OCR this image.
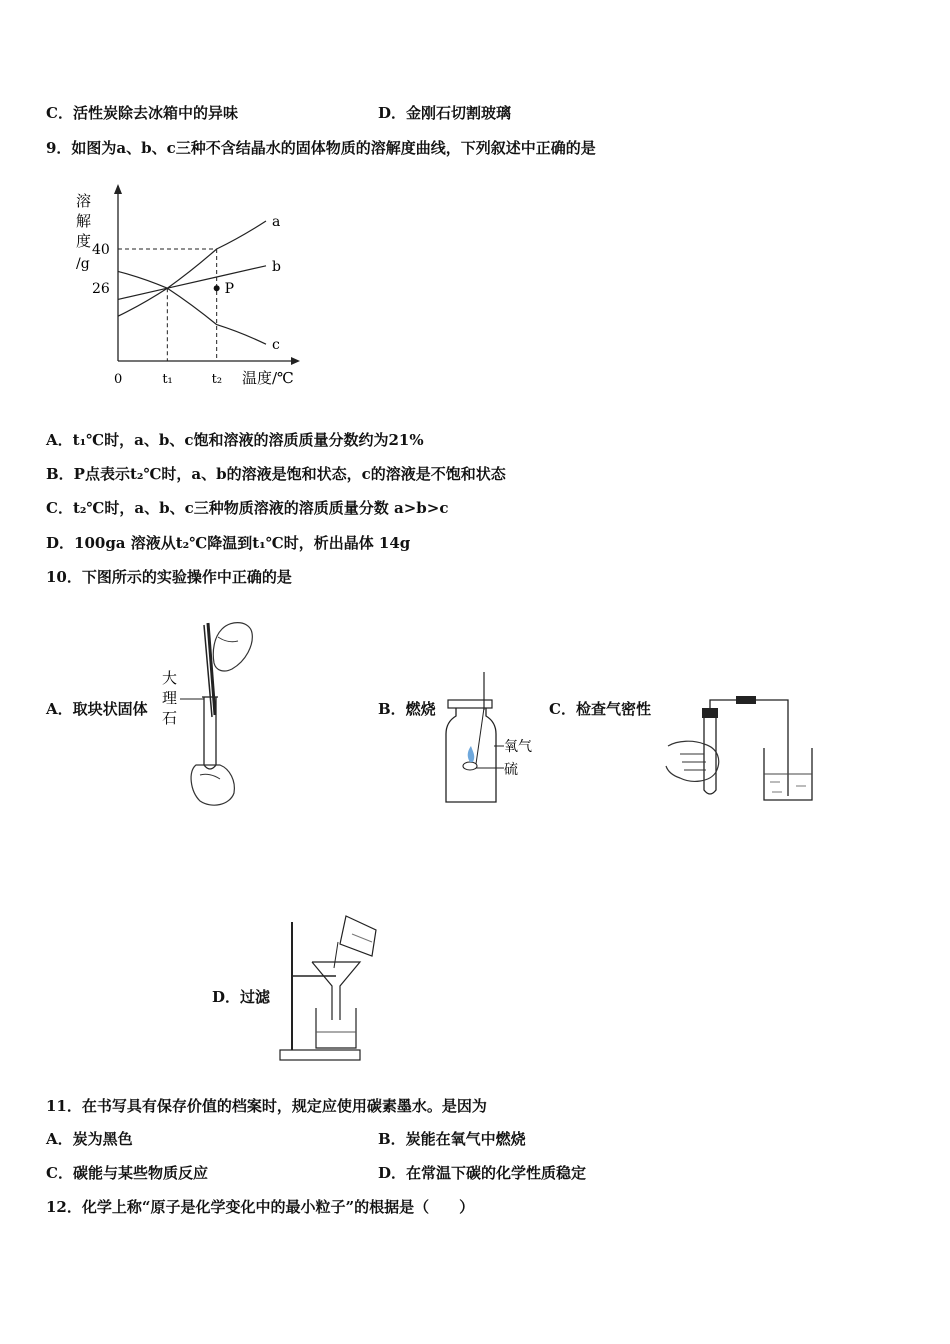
C．活性炭除去冰箱中的异味	D．金刚石切割玻璃
9．如图为a、b、c三种不含结晶水的固体物质的溶解度曲线，下列叙述中正确的是
溶
解
度
/g
40
26
0	t₁	t₂ 温度/℃
a
b
c
P
A．t₁℃时，a、b、c饱和溶液的溶质质量分数约为21%
B．P点表示t₂℃时，a、b的溶液是饱和状态，c的溶液是不饱和状态
C．t₂℃时，a、b、c三种物质溶液的溶质质量分数 a>b>c
D．100ga 溶液从t₂℃降温到t₁℃时，析出晶体 14g
10．下图所示的实验操作中正确的是
A．取块状固体
大
理
石	B．燃烧
氧气
硫
C．检查气密性
D．过滤
11．在书写具有保存价值的档案时，规定应使用碳素墨水。是因为
A．炭为黑色	B．炭能在氧气中燃烧
C．碳能与某些物质反应	D．在常温下碳的化学性质稳定
12．化学上称“原子是化学变化中的最小粒子”的根据是（　　）
